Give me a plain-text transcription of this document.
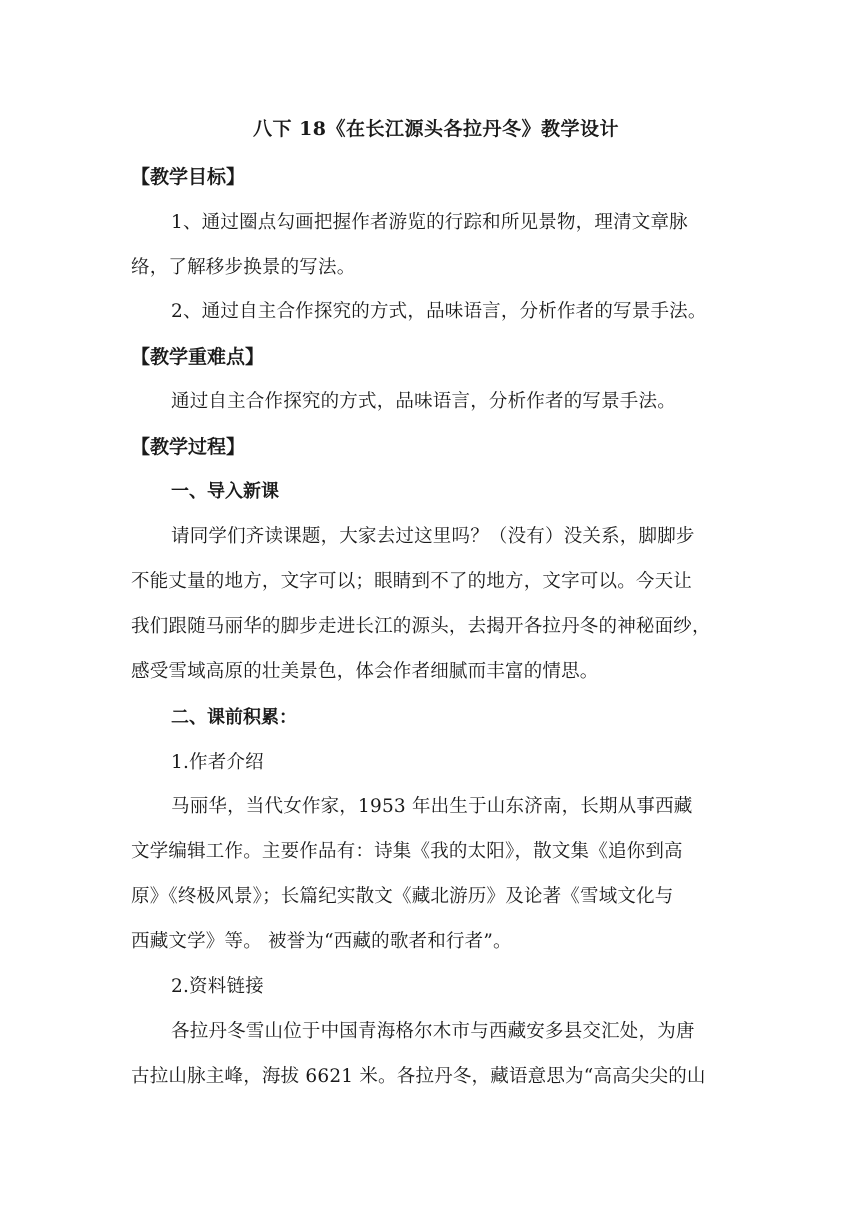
八下 18《在长江源头各拉丹冬》教学设计
【教学目标】
1、通过圈点勾画把握作者游览的行踪和所见景物，理清文章脉
络，了解移步换景的写法。
2、通过自主合作探究的方式，品味语言，分析作者的写景手法。
【教学重难点】
通过自主合作探究的方式，品味语言，分析作者的写景手法。
【教学过程】
一、导入新课
请同学们齐读课题，大家去过这里吗？（没有）没关系，脚脚步
不能丈量的地方，文字可以；眼睛到不了的地方，文字可以。今天让
我们跟随马丽华的脚步走进长江的源头，去揭开各拉丹冬的神秘面纱，
感受雪域高原的壮美景色，体会作者细腻而丰富的情思。
二、课前积累：
1.作者介绍
马丽华，当代女作家，1953 年出生于山东济南，长期从事西藏
文学编辑工作。主要作品有：诗集《我的太阳》，散文集《追你到高
原》《终极风景》；长篇纪实散文《藏北游历》及论著《雪域文化与
西藏文学》等。 被誉为“西藏的歌者和行者”。
2.资料链接
各拉丹冬雪山位于中国青海格尔木市与西藏安多县交汇处，为唐
古拉山脉主峰，海拔 6621 米。各拉丹冬，藏语意思为“高高尖尖的山
